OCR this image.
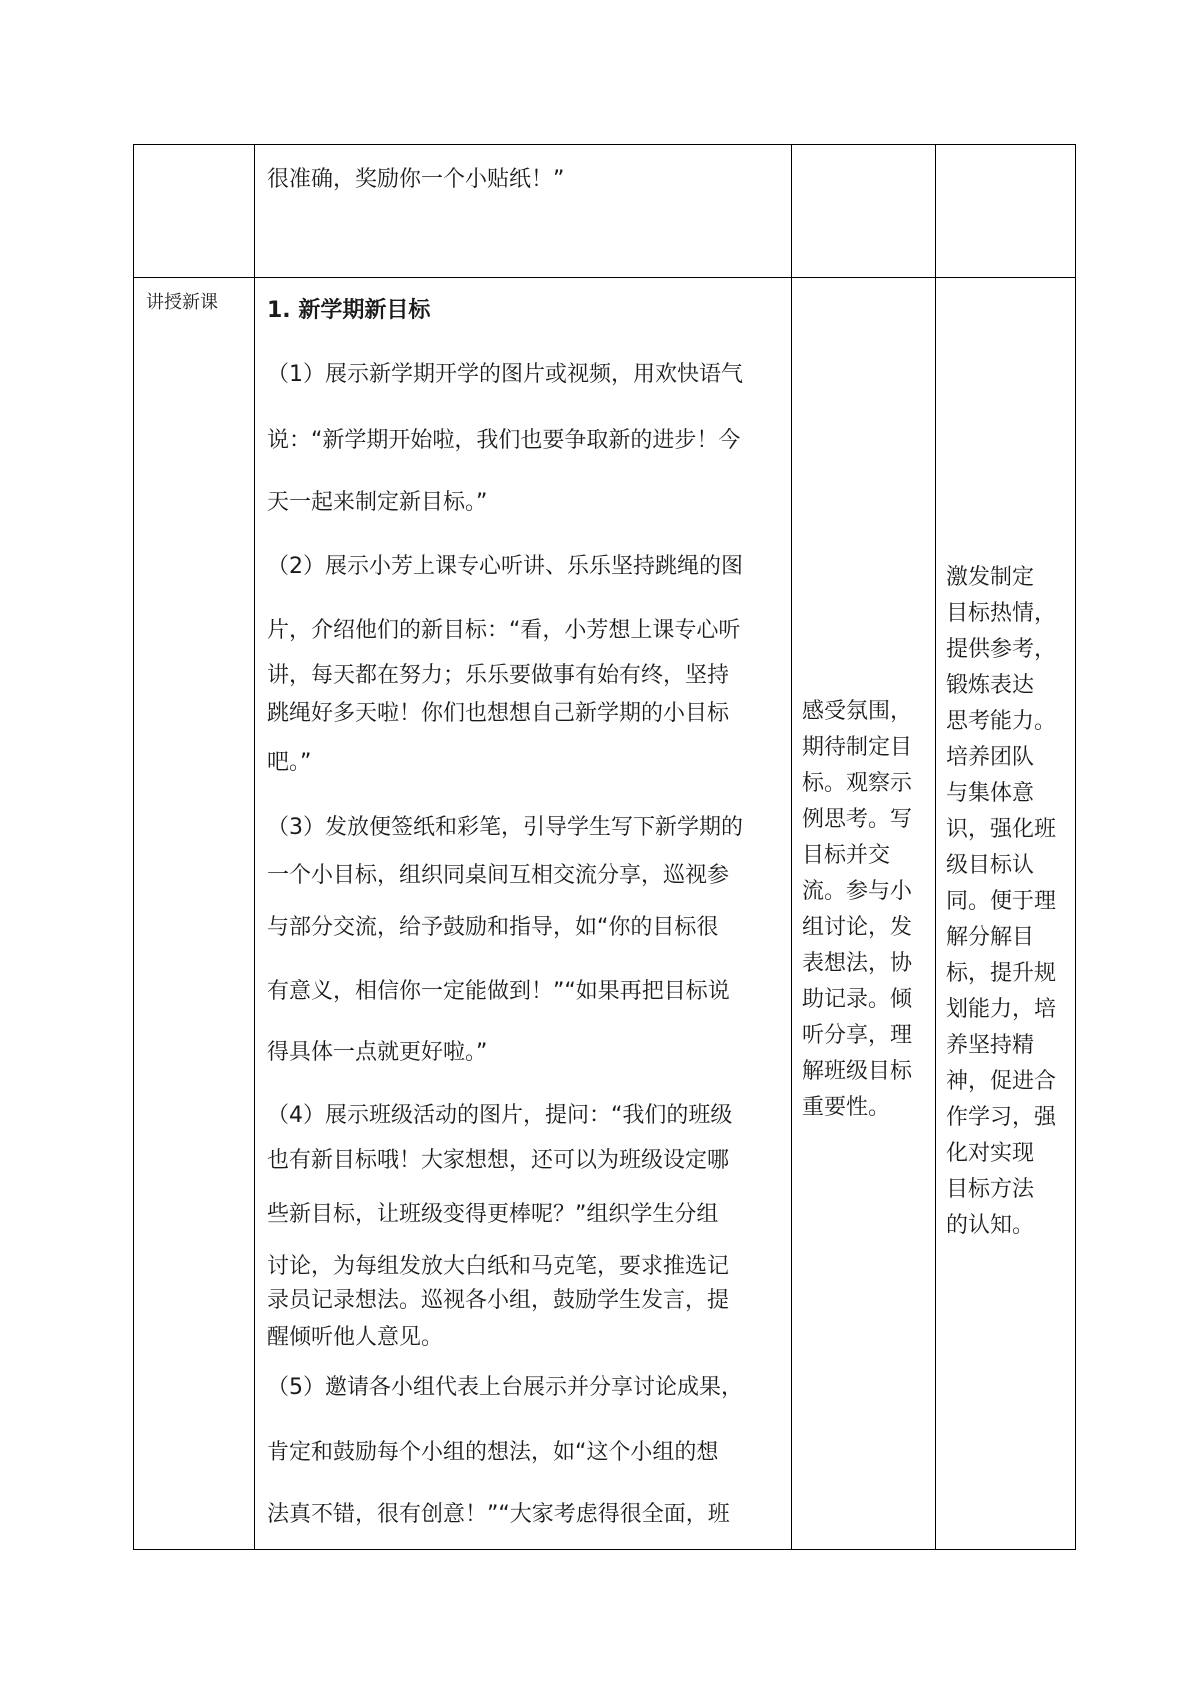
很准确，奖励你一个小贴纸！”
讲授新课 1. 新学期新目标
（1）展示新学期开学的图片或视频，用欢快语气
说：“新学期开始啦，我们也要争取新的进步！今
天一起来制定新目标。”
（2）展示小芳上课专心听讲、乐乐坚持跳绳的图
片，介绍他们的新目标：“看，小芳想上课专心听
讲，每天都在努力；乐乐要做事有始有终，坚持
跳绳好多天啦！你们也想想自己新学期的小目标
吧。”
（3）发放便签纸和彩笔，引导学生写下新学期的
一个小目标，组织同桌间互相交流分享，巡视参
与部分交流，给予鼓励和指导，如“你的目标很
有意义，相信你一定能做到！”“如果再把目标说
得具体一点就更好啦。”
（4）展示班级活动的图片，提问：“我们的班级
也有新目标哦！大家想想，还可以为班级设定哪
些新目标，让班级变得更棒呢？”组织学生分组
讨论，为每组发放大白纸和马克笔，要求推选记
录员记录想法。巡视各小组，鼓励学生发言，提
醒倾听他人意见。
（5）邀请各小组代表上台展示并分享讨论成果，
肯定和鼓励每个小组的想法，如“这个小组的想
法真不错，很有创意！”“大家考虑得很全面，班
感受氛围，
期待制定目
标。观察示
例思考。写
目标并交
流。参与小
组讨论，发
表想法，协
助记录。倾
听分享，理
解班级目标
重要性。
激发制定
目标热情，
提供参考，
锻炼表达
思考能力。
培养团队
与集体意
识，强化班
级目标认
同。便于理
解分解目
标，提升规
划能力，培
养坚持精
神，促进合
作学习，强
化对实现
目标方法
的认知。
